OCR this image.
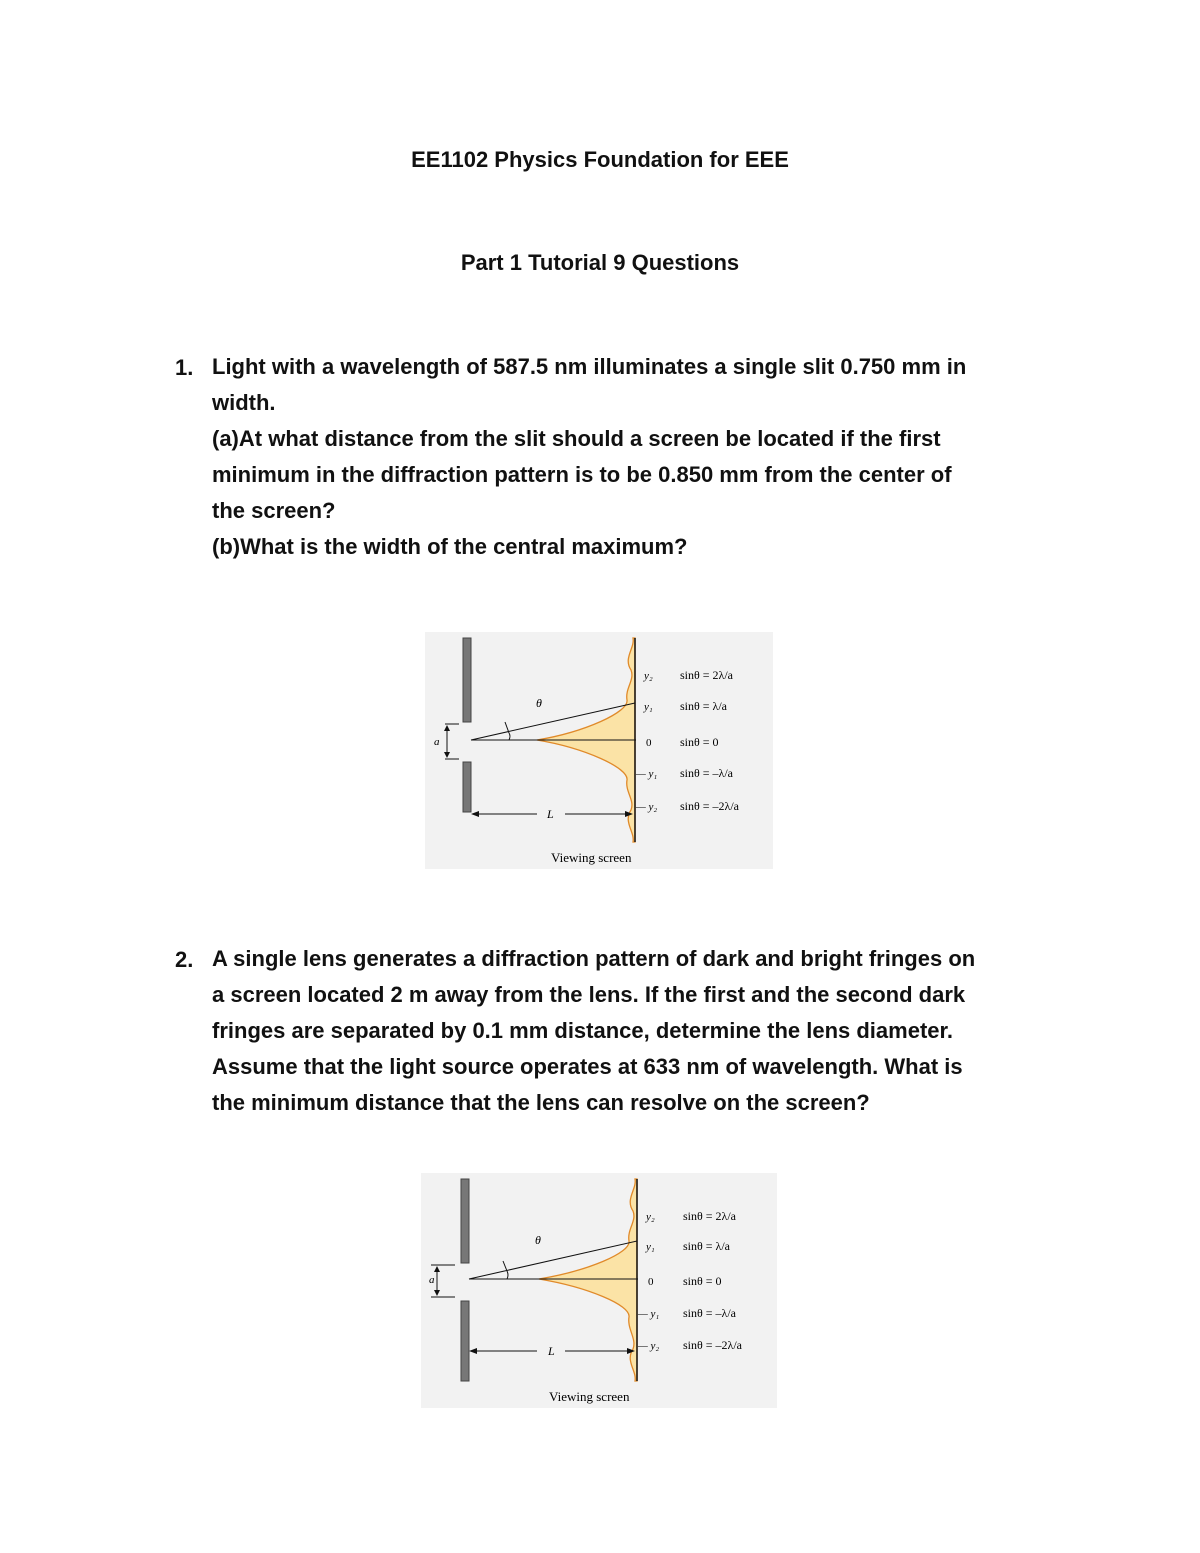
EE1102 Physics Foundation for EEE
Part 1 Tutorial 9 Questions
1. Light with a wavelength of 587.5 nm illuminates a single slit 0.750 mm in
width.
(a)At what distance from the slit should a screen be located if the first
minimum in the diffraction pattern is to be 0.850 mm from the center of
the screen?
(b)What is the width of the central maximum?
a
θ
L
y₂
y₁
0
— y₁
— y₂
sinθ = 2λ/a
sinθ = λ/a
sinθ = 0
sinθ = –λ/a
sinθ = –2λ/a
Viewing screen
2. A single lens generates a diffraction pattern of dark and bright fringes on
a screen located 2 m away from the lens. If the first and the second dark
fringes are separated by 0.1 mm distance, determine the lens diameter.
Assume that the light source operates at 633 nm of wavelength. What is
the minimum distance that the lens can resolve on the screen?
a
θ
L
y₂
y₁
0
— y₁
— y₂
sinθ = 2λ/a
sinθ = λ/a
sinθ = 0
sinθ = –λ/a
sinθ = –2λ/a
Viewing screen
